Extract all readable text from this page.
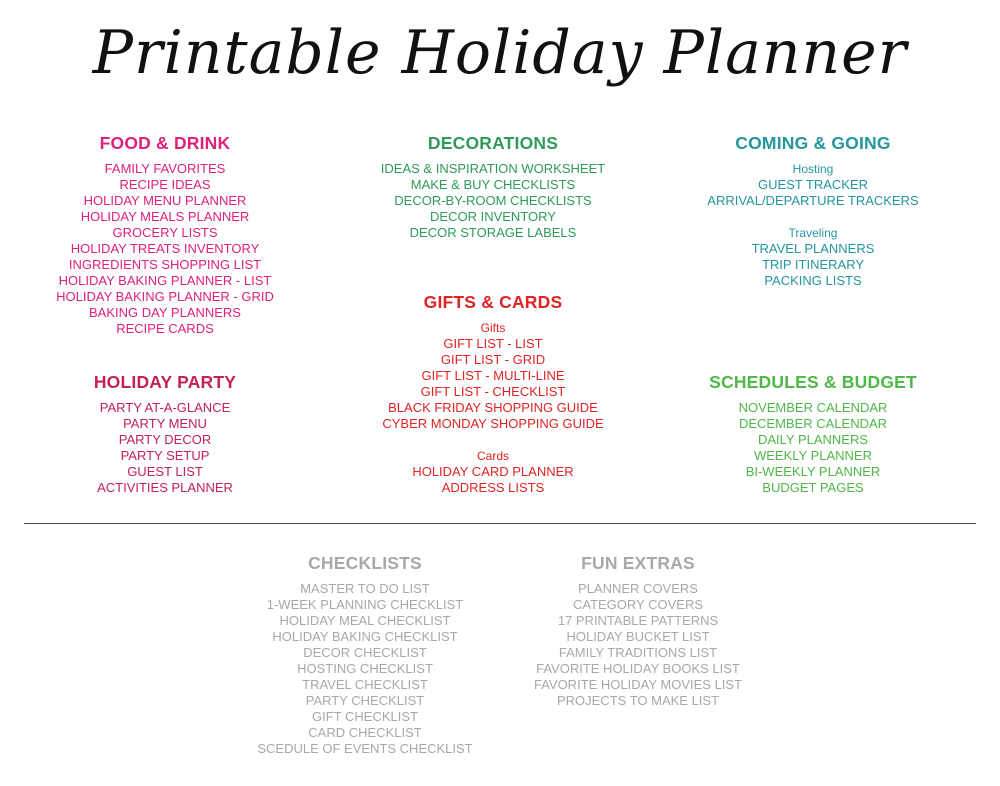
Printable Holiday Planner
FOOD & DRINK
FAMILY FAVORITES
RECIPE IDEAS
HOLIDAY MENU PLANNER
HOLIDAY MEALS PLANNER
GROCERY LISTS
HOLIDAY TREATS INVENTORY
INGREDIENTS SHOPPING LIST
HOLIDAY BAKING PLANNER - LIST
HOLIDAY BAKING PLANNER - GRID
BAKING DAY PLANNERS
RECIPE CARDS
HOLIDAY PARTY
PARTY AT-A-GLANCE
PARTY MENU
PARTY DECOR
PARTY SETUP
GUEST LIST
ACTIVITIES PLANNER
DECORATIONS
IDEAS & INSPIRATION WORKSHEET
MAKE & BUY CHECKLISTS
DECOR-BY-ROOM CHECKLISTS
DECOR INVENTORY
DECOR STORAGE LABELS
GIFTS & CARDS
Gifts
GIFT LIST - LIST
GIFT LIST - GRID
GIFT LIST - MULTI-LINE
GIFT LIST - CHECKLIST
BLACK FRIDAY SHOPPING GUIDE
CYBER MONDAY SHOPPING GUIDE
Cards
HOLIDAY CARD PLANNER
ADDRESS LISTS
COMING & GOING
Hosting
GUEST TRACKER
ARRIVAL/DEPARTURE TRACKERS
Traveling
TRAVEL PLANNERS
TRIP ITINERARY
PACKING LISTS
SCHEDULES & BUDGET
NOVEMBER CALENDAR
DECEMBER CALENDAR
DAILY PLANNERS
WEEKLY PLANNER
BI-WEEKLY PLANNER
BUDGET PAGES
CHECKLISTS
MASTER TO DO LIST
1-WEEK PLANNING CHECKLIST
HOLIDAY MEAL CHECKLIST
HOLIDAY BAKING CHECKLIST
DECOR CHECKLIST
HOSTING CHECKLIST
TRAVEL CHECKLIST
PARTY CHECKLIST
GIFT CHECKLIST
CARD CHECKLIST
SCEDULE OF EVENTS CHECKLIST
FUN EXTRAS
PLANNER COVERS
CATEGORY COVERS
17 PRINTABLE PATTERNS
HOLIDAY BUCKET LIST
FAMILY TRADITIONS LIST
FAVORITE HOLIDAY BOOKS LIST
FAVORITE HOLIDAY MOVIES LIST
PROJECTS TO MAKE LIST
